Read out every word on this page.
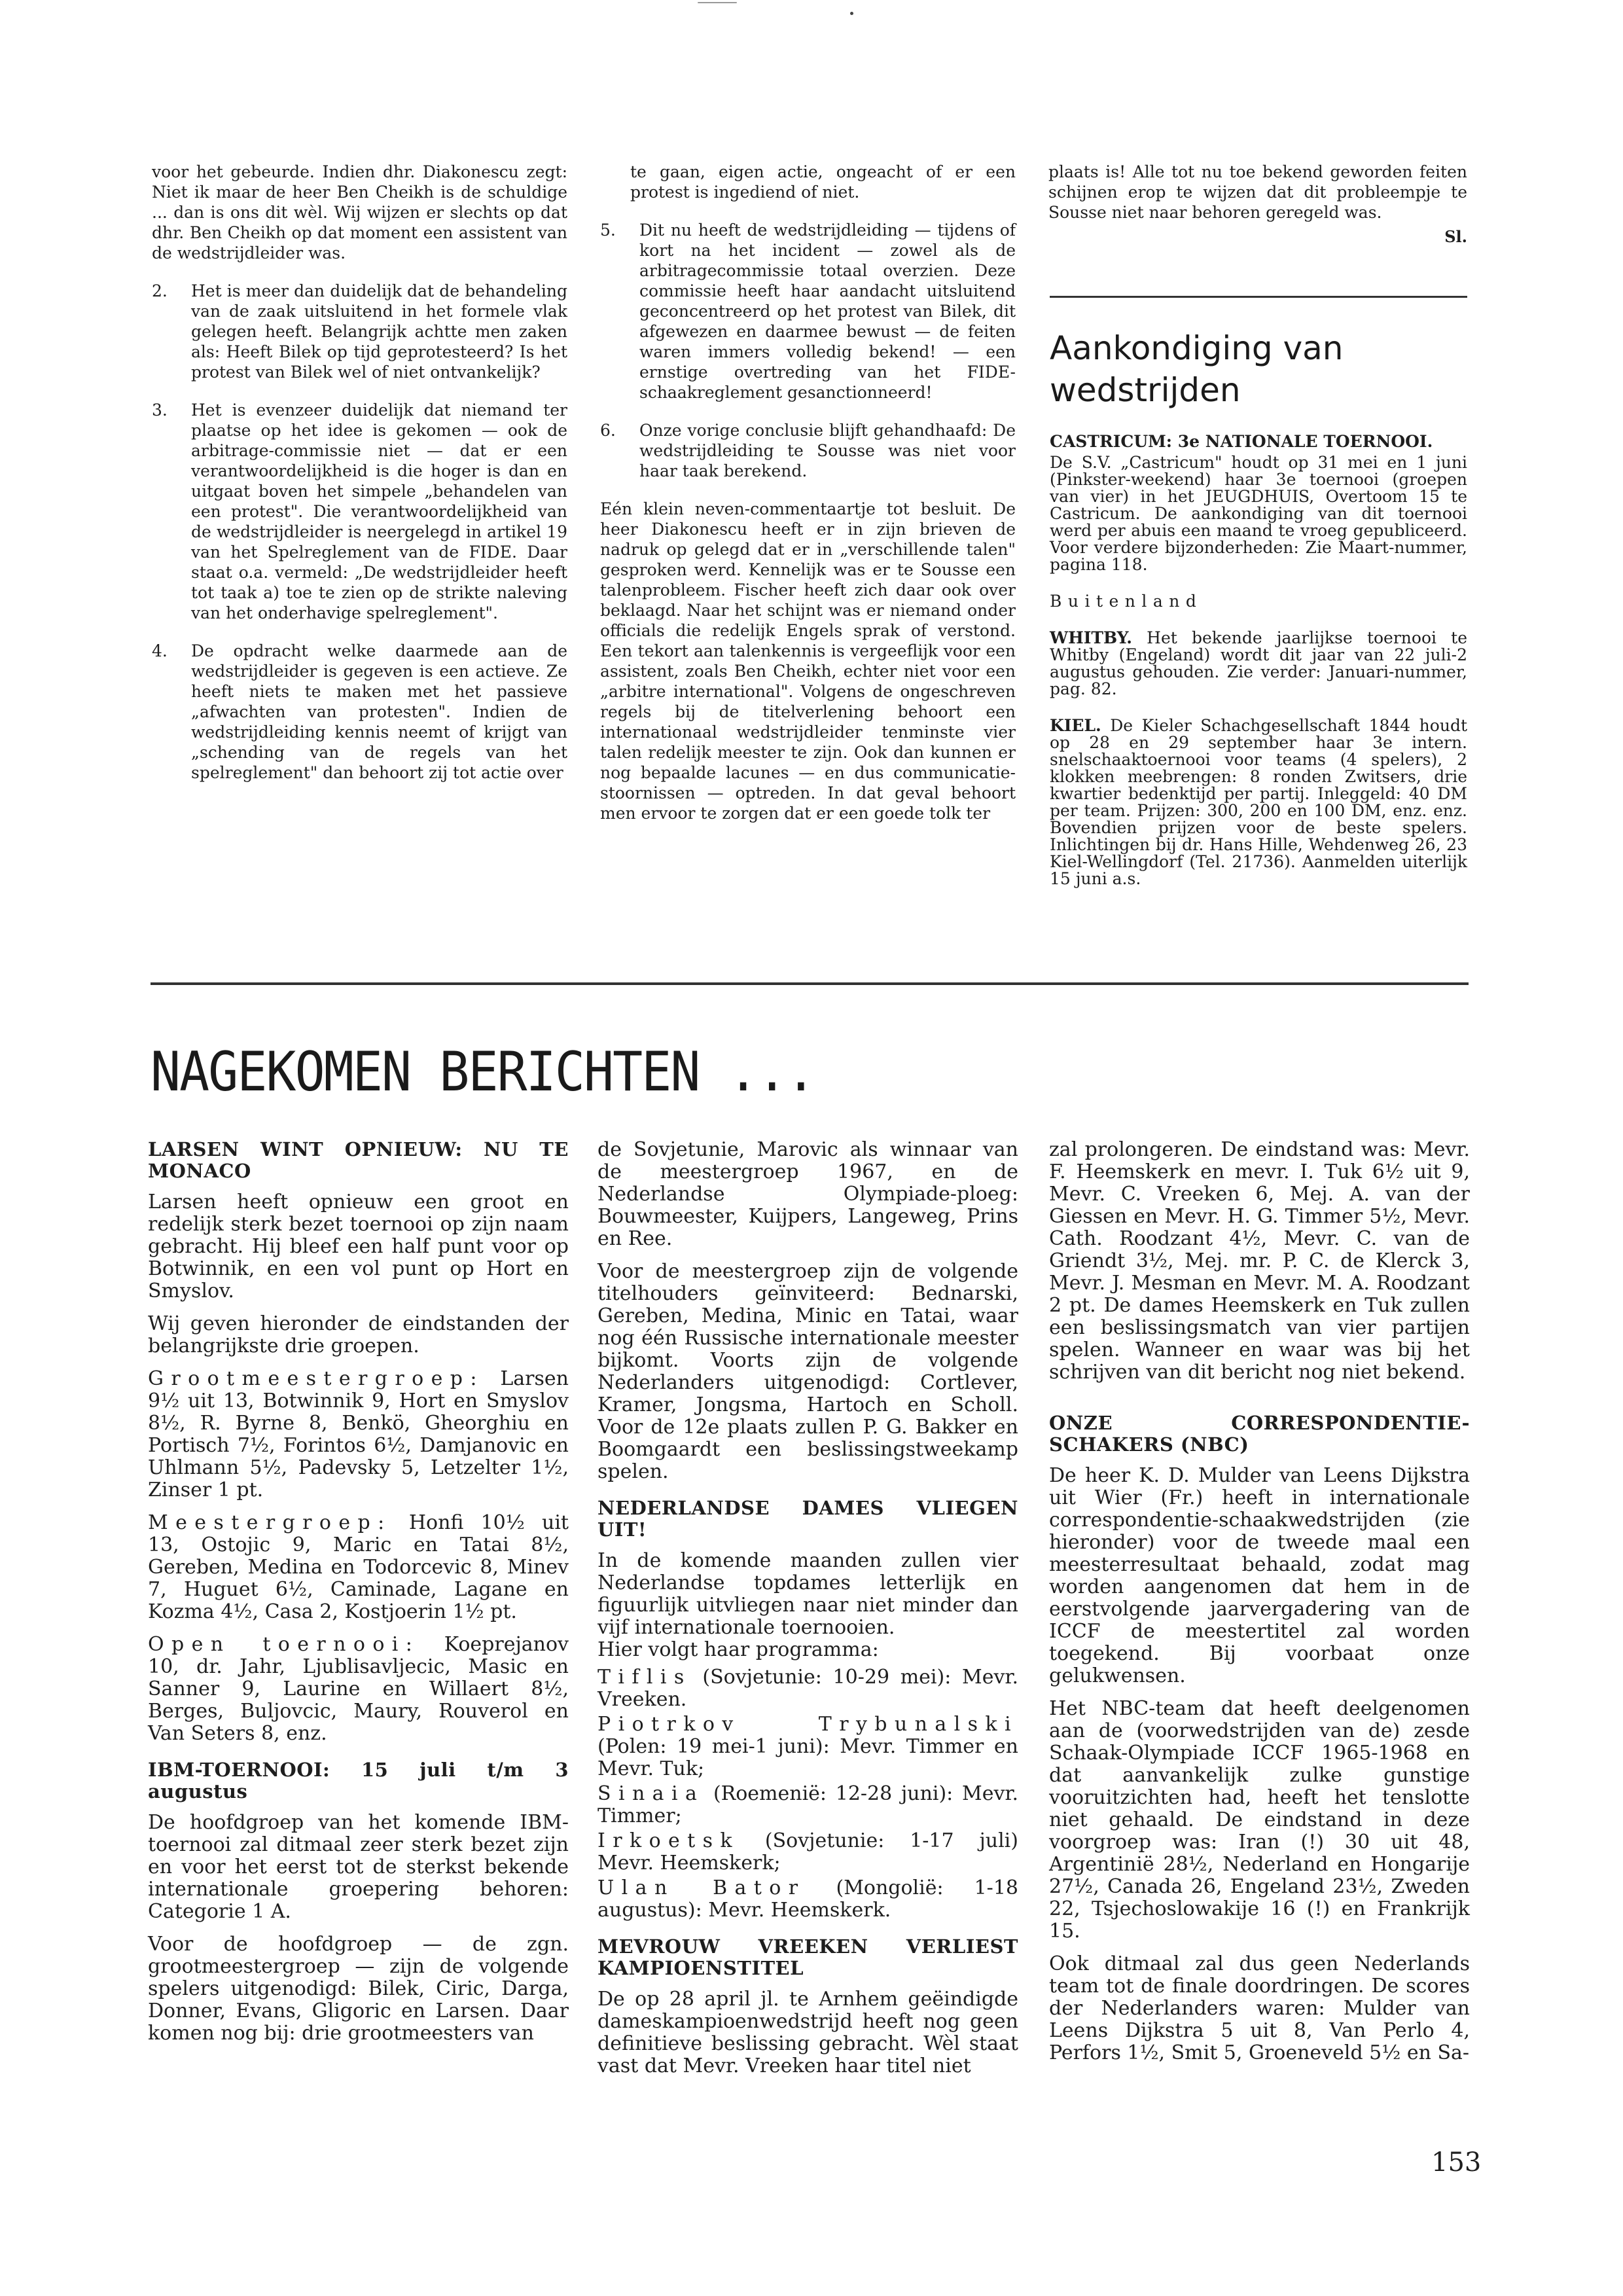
voor het gebeurde. Indien dhr. Diakonescu zegt: Niet ik maar de heer Ben Cheikh is de schuldige ... dan is ons dit wèl. Wij wijzen er slechts op dat dhr. Ben Cheikh op dat moment een assistent van de wedstrijdleider was.

2. Het is meer dan duidelijk dat de behandeling van de zaak uitsluitend in het formele vlak gelegen heeft. Belangrijk achtte men zaken als: Heeft Bilek op tijd geprotesteerd? Is het protest van Bilek wel of niet ontvankelijk?

3. Het is evenzeer duidelijk dat niemand ter plaatse op het idee is gekomen — ook de arbitrage-commissie niet — dat er een verantwoordelijkheid is die hoger is dan en uitgaat boven het simpele „behandelen van een protest". Die verantwoordelijkheid van de wedstrijdleider is neergelegd in artikel 19 van het Spelreglement van de FIDE. Daar staat o.a. vermeld: „De wedstrijdleider heeft tot taak a) toe te zien op de strikte naleving van het onderhavige spelreglement".

4. De opdracht welke daarmede aan de wedstrijdleider is gegeven is een actieve. Ze heeft niets te maken met het passieve „afwachten van protesten". Indien de wedstrijdleiding kennis neemt of krijgt van „schending van de regels van het spelreglement" dan behoort zij tot actie over

te gaan, eigen actie, ongeacht of er een protest is ingediend of niet.

5. Dit nu heeft de wedstrijdleiding — tijdens of kort na het incident — zowel als de arbitragecommissie totaal overzien. Deze commissie heeft haar aandacht uitsluitend geconcentreerd op het protest van Bilek, dit afgewezen en daarmee bewust — de feiten waren immers volledig bekend! — een ernstige overtreding van het FIDE-schaakreglement gesanctionneerd!

6. Onze vorige conclusie blijft gehandhaafd: De wedstrijdleiding te Sousse was niet voor haar taak berekend.

Eén klein neven-commentaartje tot besluit. De heer Diakonescu heeft er in zijn brieven de nadruk op gelegd dat er in „verschillende talen" gesproken werd. Kennelijk was er te Sousse een talenprobleem. Fischer heeft zich daar ook over beklaagd. Naar het schijnt was er niemand onder officials die redelijk Engels sprak of verstond. Een tekort aan talenkennis is vergeeflijk voor een assistent, zoals Ben Cheikh, echter niet voor een „arbitre international". Volgens de ongeschreven regels bij de titelverlening behoort een internationaal wedstrijdleider tenminste vier talen redelijk meester te zijn. Ook dan kunnen er nog bepaalde lacunes — en dus communicatie-stoornissen — optreden. In dat geval behoort men ervoor te zorgen dat er een goede tolk ter

plaats is! Alle tot nu toe bekend geworden feiten schijnen erop te wijzen dat dit probleempje te Sousse niet naar behoren geregeld was.

Sl.
Aankondiging van wedstrijden

CASTRICUM: 3e NATIONALE TOERNOOI.
De S.V. „Castricum" houdt op 31 mei en 1 juni (Pinkster-weekend) haar 3e toernooi (groepen van vier) in het JEUGDHUIS, Overtoom 15 te Castricum. De aankondiging van dit toernooi werd per abuis een maand te vroeg gepubliceerd. Voor verdere bijzonderheden: Zie Maart-nummer, pagina 118.

Buitenland

WHITBY. Het bekende jaarlijkse toernooi te Whitby (Engeland) wordt dit jaar van 22 juli-2 augustus gehouden. Zie verder: Januari-nummer, pag. 82.

KIEL. De Kieler Schachgesellschaft 1844 houdt op 28 en 29 september haar 3e intern. snelschaaktoernooi voor teams (4 spelers), 2 klokken meebrengen: 8 ronden Zwitsers, drie kwartier bedenktijd per partij. Inleggeld: 40 DM per team. Prijzen: 300, 200 en 100 DM, enz. enz. Bovendien prijzen voor de beste spelers. Inlichtingen bij dr. Hans Hille, Wehdenweg 26, 23 Kiel-Wellingdorf (Tel. 21736). Aanmelden uiterlijk 15 juni a.s.

NAGEKOMEN BERICHTEN ...
LARSEN WINT OPNIEUW: NU TE MONACO

Larsen heeft opnieuw een groot en redelijk sterk bezet toernooi op zijn naam gebracht. Hij bleef een half punt voor op Botwinnik, en een vol punt op Hort en Smyslov.

Wij geven hieronder de eindstanden der belangrijkste drie groepen.

Grootmeestergroep: Larsen 9½ uit 13, Botwinnik 9, Hort en Smyslov 8½, R. Byrne 8, Benkö, Gheorghiu en Portisch 7½, Forintos 6½, Damjanovic en Uhlmann 5½, Padevsky 5, Letzelter 1½, Zinser 1 pt.

Meestergroep: Honfi 10½ uit 13, Ostojic 9, Maric en Tatai 8½, Gereben, Medina en Todorcevic 8, Minev 7, Huguet 6½, Caminade, Lagane en Kozma 4½, Casa 2, Kostjoerin 1½ pt.

Open toernooi: Koeprejanov 10, dr. Jahr, Ljublisavljecic, Masic en Sanner 9, Laurine en Willaert 8½, Berges, Buljovcic, Maury, Rouverol en Van Seters 8, enz.

IBM-TOERNOOI: 15 juli t/m 3 augustus

De hoofdgroep van het komende IBM-toernooi zal ditmaal zeer sterk bezet zijn en voor het eerst tot de sterkst bekende internationale groepering behoren: Categorie 1 A.

Voor de hoofdgroep — de zgn. grootmeestergroep — zijn de volgende spelers uitgenodigd: Bilek, Ciric, Darga, Donner, Evans, Gligoric en Larsen. Daar komen nog bij: drie grootmeesters van

de Sovjetunie, Marovic als winnaar van de meestergroep 1967, en de Nederlandse Olympiade-ploeg: Bouwmeester, Kuijpers, Langeweg, Prins en Ree.

Voor de meestergroep zijn de volgende titelhouders geïnviteerd: Bednarski, Gereben, Medina, Minic en Tatai, waar nog één Russische internationale meester bijkomt. Voorts zijn de volgende Nederlanders uitgenodigd: Cortlever, Kramer, Jongsma, Hartoch en Scholl. Voor de 12e plaats zullen P. G. Bakker en Boomgaardt een beslissingstweekamp spelen.

NEDERLANDSE DAMES VLIEGEN UIT!

In de komende maanden zullen vier Nederlandse topdames letterlijk en figuurlijk uitvliegen naar niet minder dan vijf internationale toernooien.

Hier volgt haar programma:

Tiflis (Sovjetunie: 10-29 mei): Mevr. Vreeken.

Piotrkov Trybunalski (Polen: 19 mei-1 juni): Mevr. Timmer en Mevr. Tuk;

Sinaia (Roemenië: 12-28 juni): Mevr. Timmer;

Irkoetsk (Sovjetunie: 1-17 juli) Mevr. Heemskerk;

Ulan Bator (Mongolië: 1-18 augustus): Mevr. Heemskerk.

MEVROUW VREEKEN VERLIEST KAMPIOENSTITEL

De op 28 april jl. te Arnhem geëindigde dameskampioenwedstrijd heeft nog geen definitieve beslissing gebracht. Wèl staat vast dat Mevr. Vreeken haar titel niet

zal prolongeren. De eindstand was: Mevr. F. Heemskerk en mevr. I. Tuk 6½ uit 9, Mevr. C. Vreeken 6, Mej. A. van der Giessen en Mevr. H. G. Timmer 5½, Mevr. Cath. Roodzant 4½, Mevr. C. van de Griendt 3½, Mej. mr. P. C. de Klerck 3, Mevr. J. Mesman en Mevr. M. A. Roodzant 2 pt. De dames Heemskerk en Tuk zullen een beslissingsmatch van vier partijen spelen. Wanneer en waar was bij het schrijven van dit bericht nog niet bekend.

ONZE CORRESPONDENTIE-SCHAKERS (NBC)

De heer K. D. Mulder van Leens Dijkstra uit Wier (Fr.) heeft in internationale correspondentie-schaakwedstrijden (zie hieronder) voor de tweede maal een meesterresultaat behaald, zodat mag worden aangenomen dat hem in de eerstvolgende jaarvergadering van de ICCF de meestertitel zal worden toegekend. Bij voorbaat onze gelukwensen.

Het NBC-team dat heeft deelgenomen aan de (voorwedstrijden van de) zesde Schaak-Olympiade ICCF 1965-1968 en dat aanvankelijk zulke gunstige vooruitzichten had, heeft het tenslotte niet gehaald. De eindstand in deze voorgroep was: Iran (!) 30 uit 48, Argentinië 28½, Nederland en Hongarije 27½, Canada 26, Engeland 23½, Zweden 22, Tsjechoslowakije 16 (!) en Frankrijk 15.

Ook ditmaal zal dus geen Nederlands team tot de finale doordringen. De scores der Nederlanders waren: Mulder van Leens Dijkstra 5 uit 8, Van Perlo 4, Perfors 1½, Smit 5, Groeneveld 5½ en Sa-

153
